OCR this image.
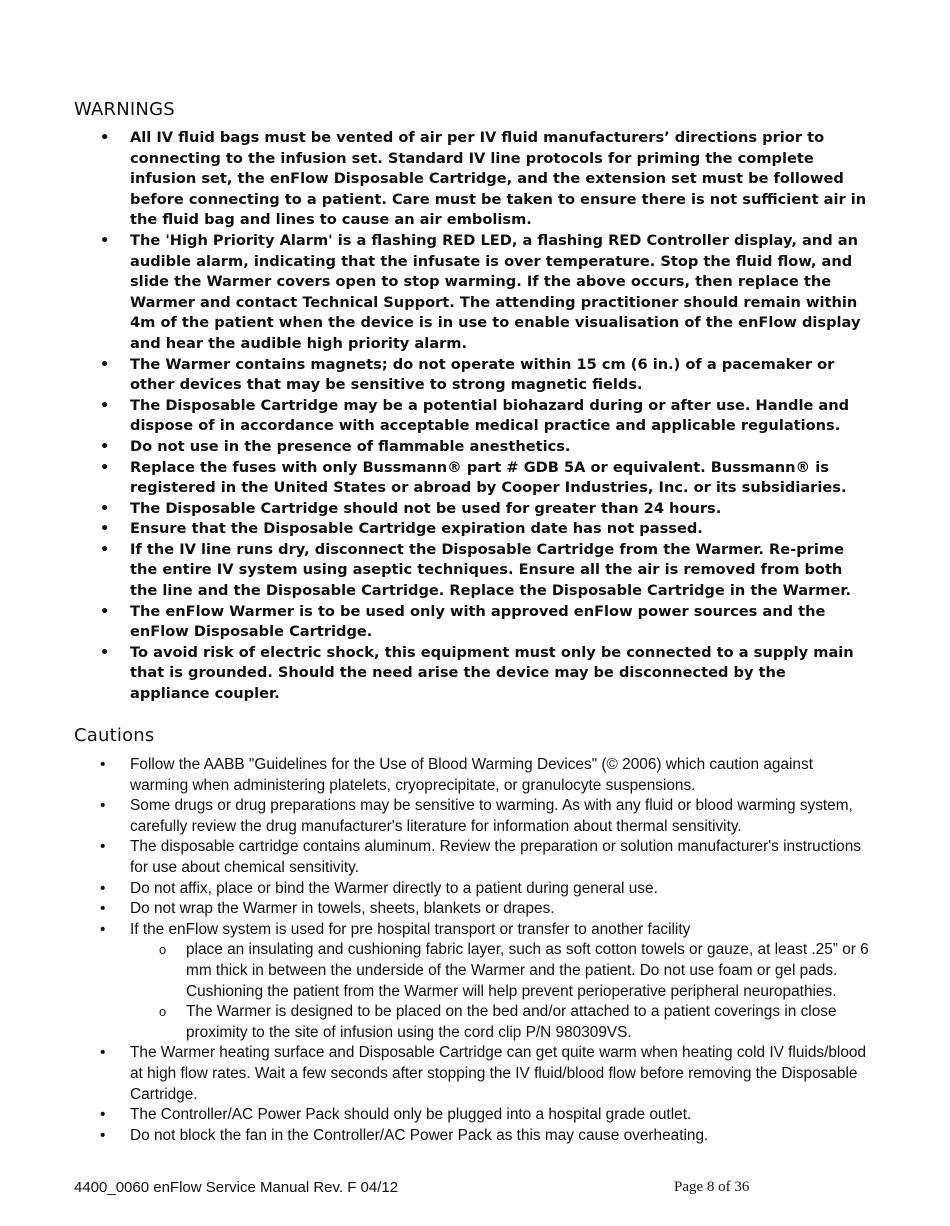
WARNINGS
•	All IV fluid bags must be vented of air per IV fluid manufacturers’ directions prior to connecting to the infusion set. Standard IV line protocols for priming the complete infusion set, the enFlow Disposable Cartridge, and the extension set must be followed before connecting to a patient. Care must be taken to ensure there is not sufficient air in the fluid bag and lines to cause an air embolism.
•	The 'High Priority Alarm' is a flashing RED LED, a flashing RED Controller display, and an audible alarm, indicating that the infusate is over temperature. Stop the fluid flow, and slide the Warmer covers open to stop warming. If the above occurs, then replace the Warmer and contact Technical Support. The attending practitioner should remain within 4m of the patient when the device is in use to enable visualisation of the enFlow display and hear the audible high priority alarm.
•	The Warmer contains magnets; do not operate within 15 cm (6 in.) of a pacemaker or other devices that may be sensitive to strong magnetic fields.
•	The Disposable Cartridge may be a potential biohazard during or after use. Handle and dispose of in accordance with acceptable medical practice and applicable regulations.
•	Do not use in the presence of flammable anesthetics.
•	Replace the fuses with only Bussmann® part # GDB 5A or equivalent. Bussmann® is registered in the United States or abroad by Cooper Industries, Inc. or its subsidiaries.
•	The Disposable Cartridge should not be used for greater than 24 hours.
•	Ensure that the Disposable Cartridge expiration date has not passed.
•	If the IV line runs dry, disconnect the Disposable Cartridge from the Warmer. Re-prime the entire IV system using aseptic techniques. Ensure all the air is removed from both the line and the Disposable Cartridge. Replace the Disposable Cartridge in the Warmer.
•	The enFlow Warmer is to be used only with approved enFlow power sources and the enFlow Disposable Cartridge.
•	To avoid risk of electric shock, this equipment must only be connected to a supply main that is grounded. Should the need arise the device may be disconnected by the appliance coupler.
Cautions
•	Follow the AABB "Guidelines for the Use of Blood Warming Devices" (© 2006) which caution against warming when administering platelets, cryoprecipitate, or granulocyte suspensions.
•	Some drugs or drug preparations may be sensitive to warming. As with any fluid or blood warming system, carefully review the drug manufacturer's literature for information about thermal sensitivity.
•	The disposable cartridge contains aluminum. Review the preparation or solution manufacturer's instructions for use about chemical sensitivity.
•	Do not affix, place or bind the Warmer directly to a patient during general use.
•	Do not wrap the Warmer in towels, sheets, blankets or drapes.
•	If the enFlow system is used for pre hospital transport or transfer to another facility
o place an insulating and cushioning fabric layer, such as soft cotton towels or gauze, at least .25” or 6 mm thick in between the underside of the Warmer and the patient. Do not use foam or gel pads. Cushioning the patient from the Warmer will help prevent perioperative peripheral neuropathies.
o The Warmer is designed to be placed on the bed and/or attached to a patient coverings in close proximity to the site of infusion using the cord clip P/N 980309VS.
•	The Warmer heating surface and Disposable Cartridge can get quite warm when heating cold IV fluids/blood at high flow rates. Wait a few seconds after stopping the IV fluid/blood flow before removing the Disposable Cartridge.
•	The Controller/AC Power Pack should only be plugged into a hospital grade outlet.
•	Do not block the fan in the Controller/AC Power Pack as this may cause overheating.
4400_0060 enFlow Service Manual Rev. F 04/12	Page 8 of 36
